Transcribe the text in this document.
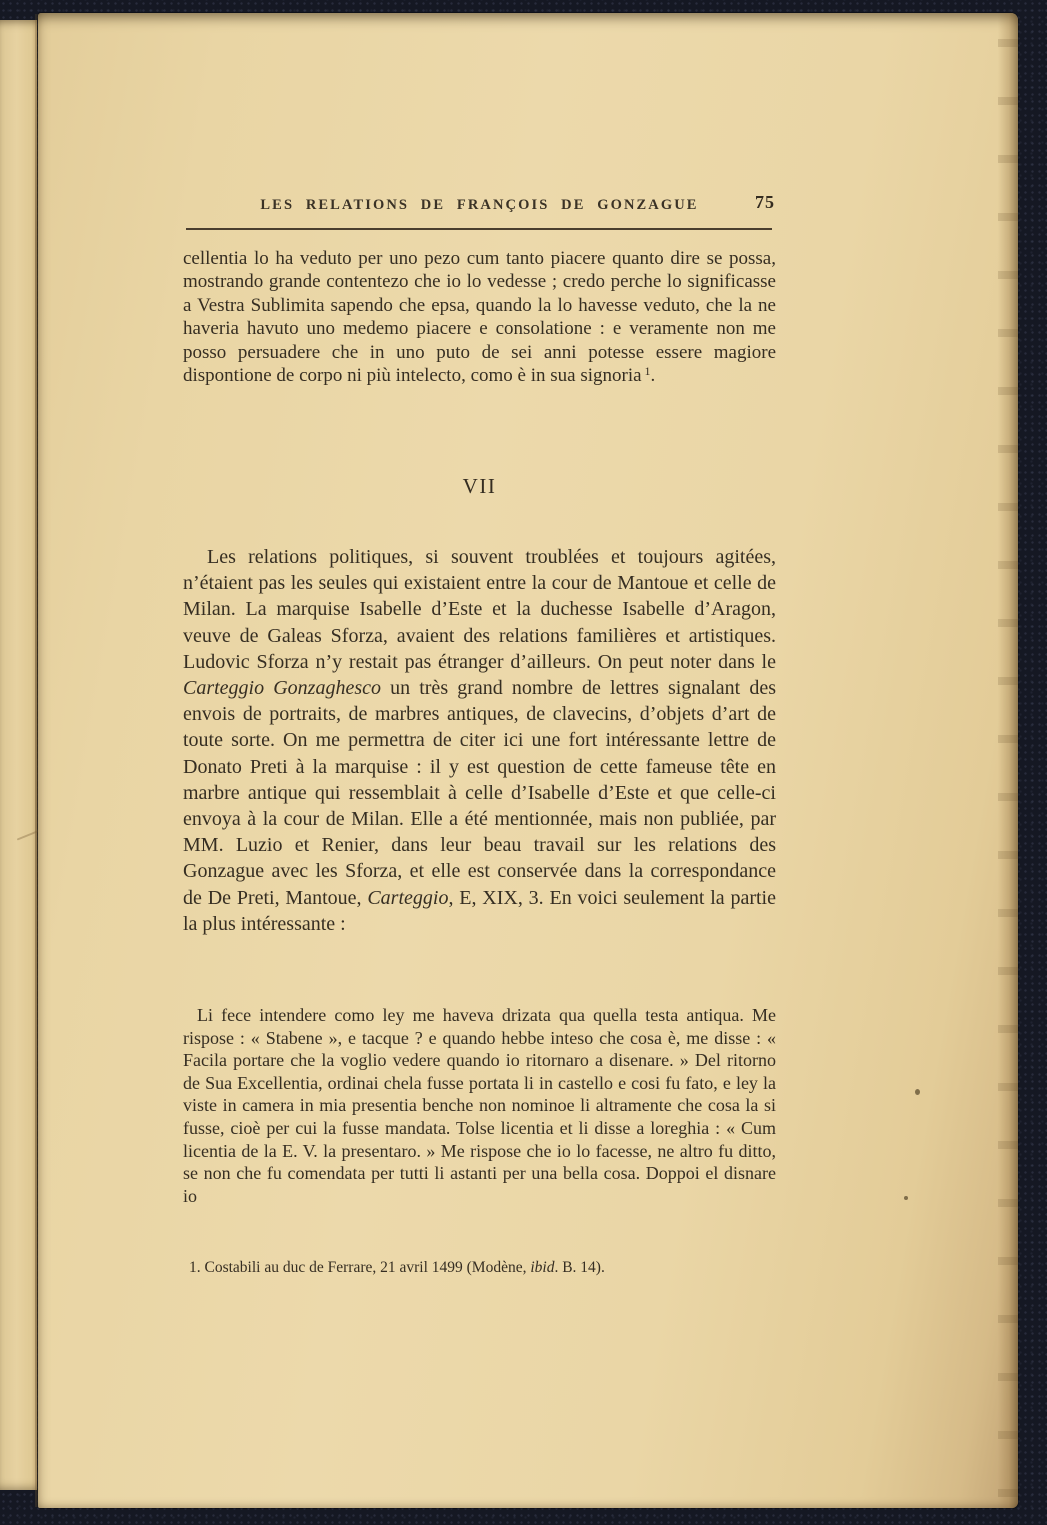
LES RELATIONS DE FRANÇOIS DE GONZAGUE	75

cellentia lo ha veduto per uno pezo cum tanto piacere quanto dire se possa, mostrando grande contentezo che io lo vedesse ; credo perche lo significasse a Vestra Sublimita sapendo che epsa, quando la lo havesse veduto, che la ne haveria havuto uno medemo piacere e consolatione : e veramente non me posso persuadere che in uno puto de sei anni potesse essere magiore dispontione de corpo ni più intelecto, como è in sua signoria $^1$.

VII

Les relations politiques, si souvent troublées et toujours agitées, n’étaient pas les seules qui existaient entre la cour de Mantoue et celle de Milan. La marquise Isabelle d’Este et la duchesse Isabelle d’Aragon, veuve de Galeas Sforza, avaient des relations familières et artistiques. Ludovic Sforza n’y restait pas étranger d’ailleurs. On peut noter dans le Carteggio Gonzaghesco un très grand nombre de lettres signalant des envois de portraits, de marbres antiques, de clavecins, d’objets d’art de toute sorte. On me permettra de citer ici une fort intéressante lettre de Donato Preti à la marquise : il y est question de cette fameuse tête en marbre antique qui ressemblait à celle d’Isabelle d’Este et que celle-ci envoya à la cour de Milan. Elle a été mentionnée, mais non publiée, par MM. Luzio et Renier, dans leur beau travail sur les relations des Gonzague avec les Sforza, et elle est conservée dans la correspondance de De Preti, Mantoue, Carteggio, E, XIX, 3. En voici seulement la partie la plus intéressante :

Li fece intendere como ley me haveva drizata qua quella testa antiqua. Me rispose : « Stabene », e tacque ? e quando hebbe inteso che cosa è, me disse : « Facila portare che la voglio vedere quando io ritornaro a disenare. » Del ritorno de Sua Excellentia, ordinai chela fusse portata li in castello e cosi fu fato, e ley la viste in camera in mia presentia benche non nominoe li altramente che cosa la si fusse, cioè per cui la fusse mandata. Tolse licentia et li disse a loreghia : « Cum licentia de la E. V. la presentaro. » Me rispose che io lo facesse, ne altro fu ditto, se non che fu comendata per tutti li astanti per una bella cosa. Doppoi el disnare io

1. Costabili au duc de Ferrare, 21 avril 1499 (Modène, ibid. B. 14).
